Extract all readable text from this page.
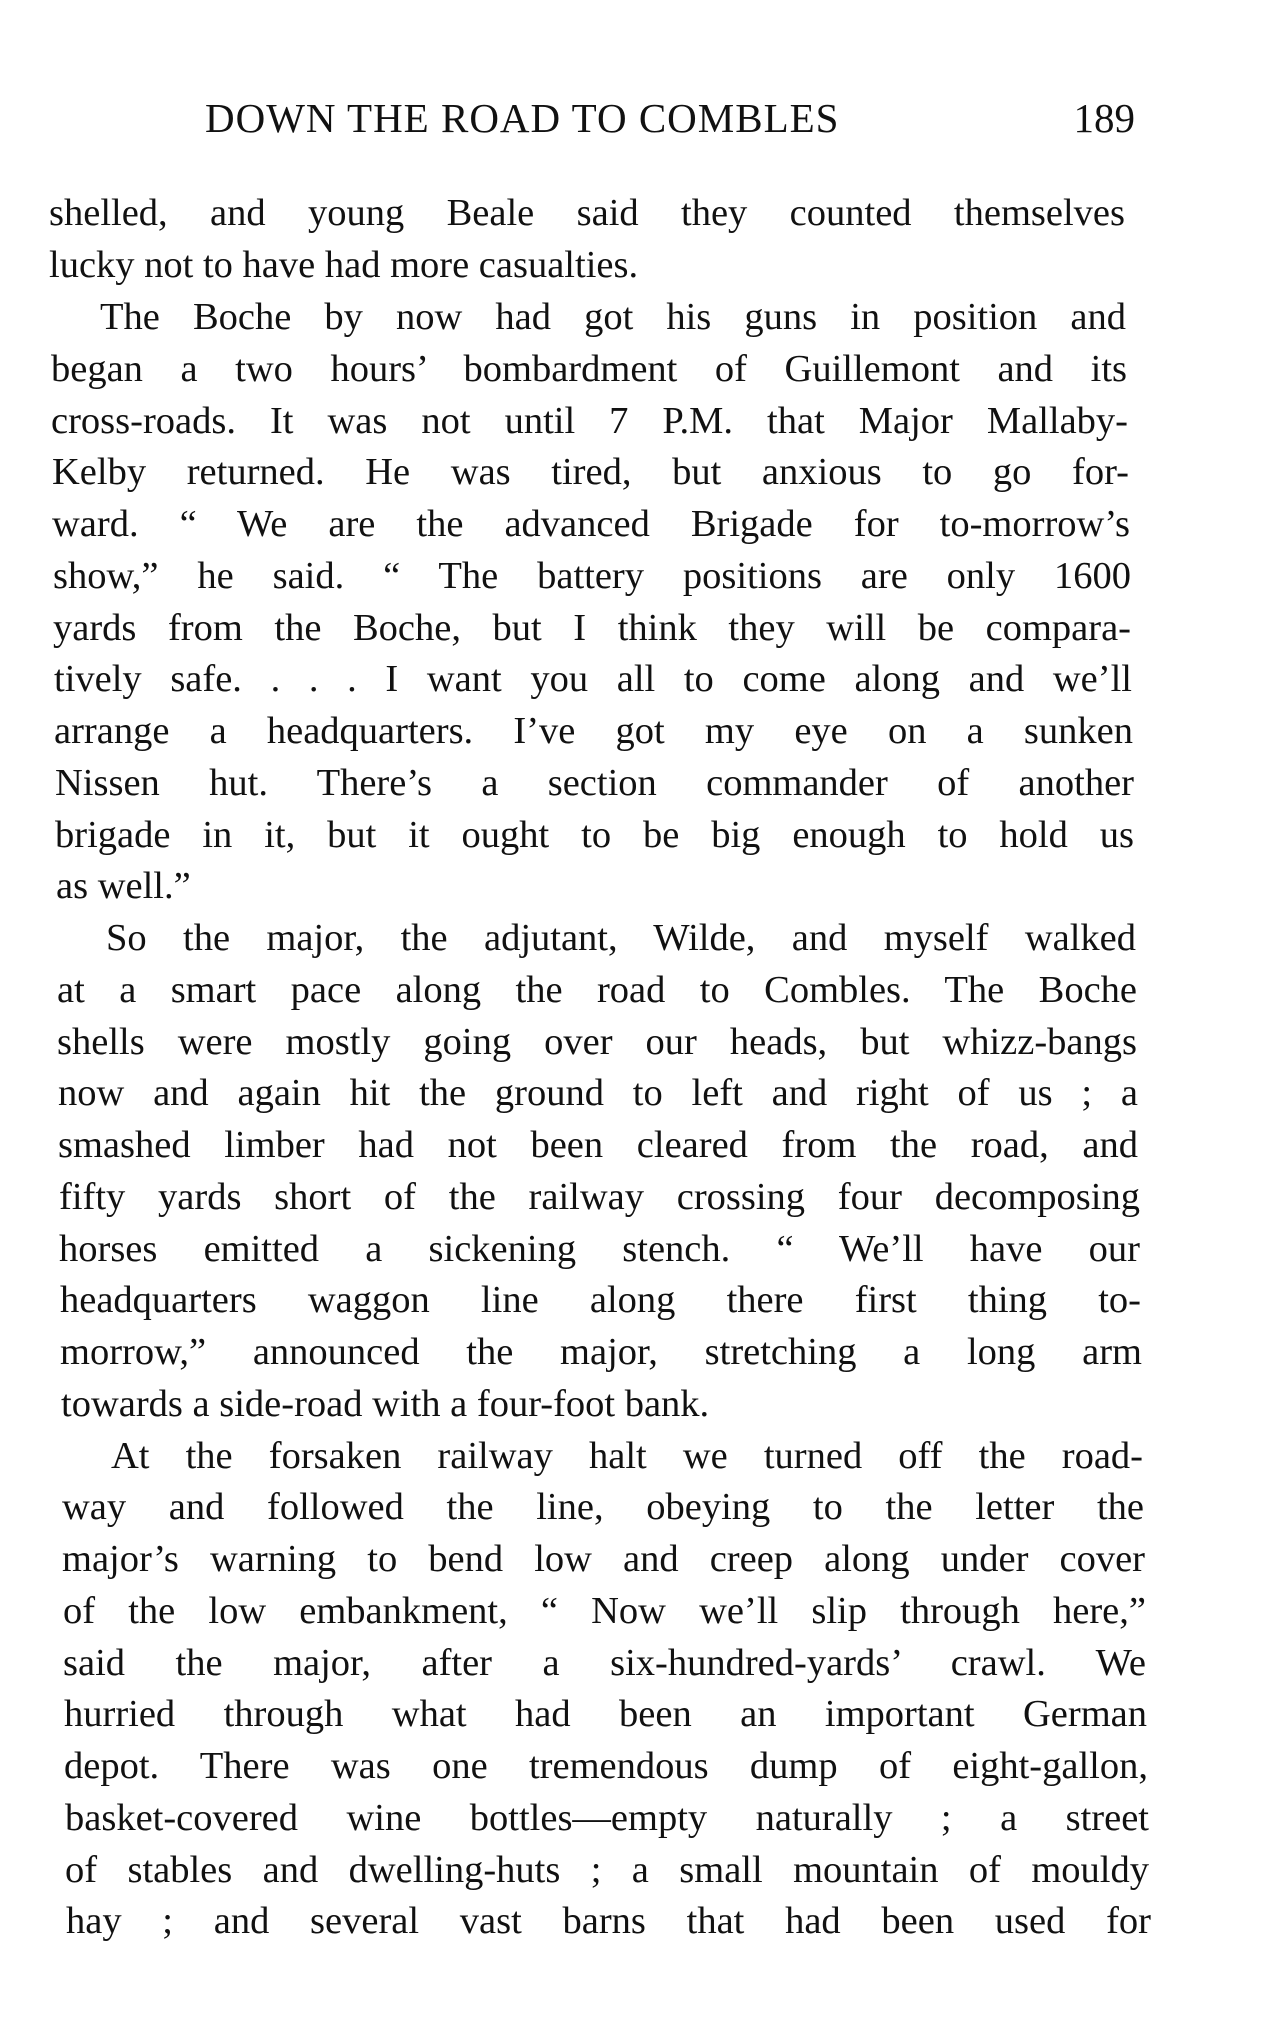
DOWN THE ROAD TO COMBLES	189
shelled, and young Beale said they counted themselves
lucky not to have had more casualties.
The Boche by now had got his guns in position and
began a two hours’ bombardment of Guillemont and its
cross-roads. It was not until 7 P.M. that Major Mallaby-
Kelby returned. He was tired, but anxious to go for-
ward. “ We are the advanced Brigade for to-morrow’s
show,” he said. “ The battery positions are only 1600
yards from the Boche, but I think they will be compara-
tively safe. . . . I want you all to come along and we’ll
arrange a headquarters. I’ve got my eye on a sunken
Nissen hut. There’s a section commander of another
brigade in it, but it ought to be big enough to hold us
as well.”
So the major, the adjutant, Wilde, and myself walked
at a smart pace along the road to Combles. The Boche
shells were mostly going over our heads, but whizz-bangs
now and again hit the ground to left and right of us ; a
smashed limber had not been cleared from the road, and
fifty yards short of the railway crossing four decomposing
horses emitted a sickening stench. “ We’ll have our
headquarters waggon line along there first thing to-
morrow,” announced the major, stretching a long arm
towards a side-road with a four-foot bank.
At the forsaken railway halt we turned off the road-
way and followed the line, obeying to the letter the
major’s warning to bend low and creep along under cover
of the low embankment, “ Now we’ll slip through here,”
said the major, after a six-hundred-yards’ crawl. We
hurried through what had been an important German
depot. There was one tremendous dump of eight-gallon,
basket-covered wine bottles—empty naturally ; a street
of stables and dwelling-huts ; a small mountain of mouldy
hay ; and several vast barns that had been used for
